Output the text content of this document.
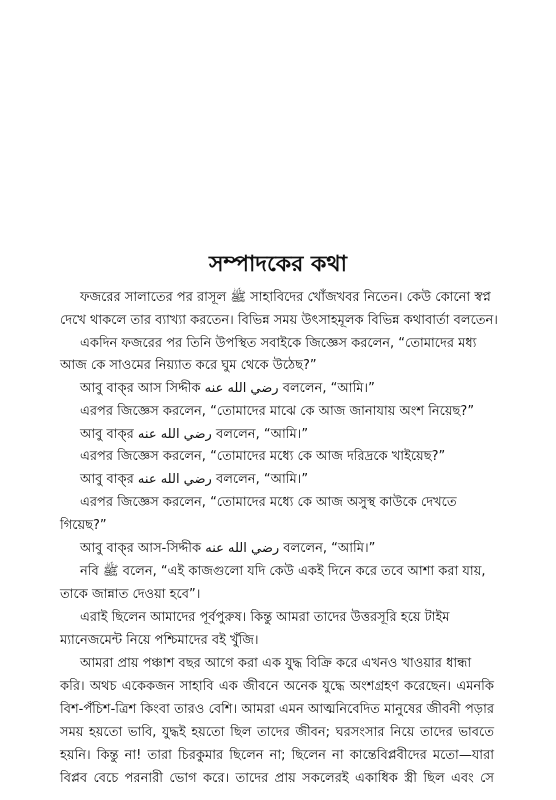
সম্পাদকের কথা
ফজরের সালাতের পর রাসূল ﷺ সাহাবিদের খোঁজখবর নিতেন। কেউ কোনো স্বপ্ন
দেখে থাকলে তার ব্যাখ্যা করতেন। বিভিন্ন সময় উৎসাহমূলক বিভিন্ন কথাবার্তা বলতেন।
একদিন ফজরের পর তিনি উপস্থিত সবাইকে জিজ্ঞেস করলেন, “তোমাদের মধ্য
আজ কে সাওমের নিয়্যাত করে ঘুম থেকে উঠেছ?”
আবু বাক্‌র আস সিদ্দীক رضي الله عنه বললেন, “আমি।”
এরপর জিজ্ঞেস করলেন, “তোমাদের মাঝে কে আজ জানাযায় অংশ নিয়েছ?”
আবু বাক্‌র رضي الله عنه বললেন, “আমি।”
এরপর জিজ্ঞেস করলেন, “তোমাদের মধ্যে কে আজ দরিদ্রকে খাইয়েছ?”
আবু বাক্‌র رضي الله عنه বললেন, “আমি।”
এরপর জিজ্ঞেস করলেন, “তোমাদের মধ্যে কে আজ অসুস্থ কাউকে দেখতে
গিয়েছ?”
আবু বাক্‌র আস-সিদ্দীক رضي الله عنه বললেন, “আমি।”
নবি ﷺ বলেন, “এই কাজগুলো যদি কেউ একই দিনে করে তবে আশা করা যায়,
তাকে জান্নাত দেওয়া হবে”।
এরাই ছিলেন আমাদের পূর্বপুরুষ। কিন্তু আমরা তাদের উত্তরসূরি হয়ে টাইম
ম্যানেজমেন্ট নিয়ে পশ্চিমাদের বই খুঁজি।
আমরা প্রায় পঞ্চাশ বছর আগে করা এক যুদ্ধ বিক্রি করে এখনও খাওয়ার ধান্ধা
করি। অথচ একেকজন সাহাবি এক জীবনে অনেক যুদ্ধে অংশগ্রহণ করেছেন। এমনকি
বিশ-পঁচিশ-ত্রিশ কিংবা তারও বেশি। আমরা এমন আত্মনিবেদিত মানুষের জীবনী পড়ার
সময় হয়তো ভাবি, যুদ্ধই হয়তো ছিল তাদের জীবন; ঘরসংসার নিয়ে তাদের ভাবতে
হয়নি। কিন্তু না! তারা চিরকুমার ছিলেন না; ছিলেন না কান্তেবিপ্লবীদের মতো—যারা
বিপ্লব বেচে পরনারী ভোগ করে। তাদের প্রায় সকলেরই একাধিক স্ত্রী ছিল এবং সে
